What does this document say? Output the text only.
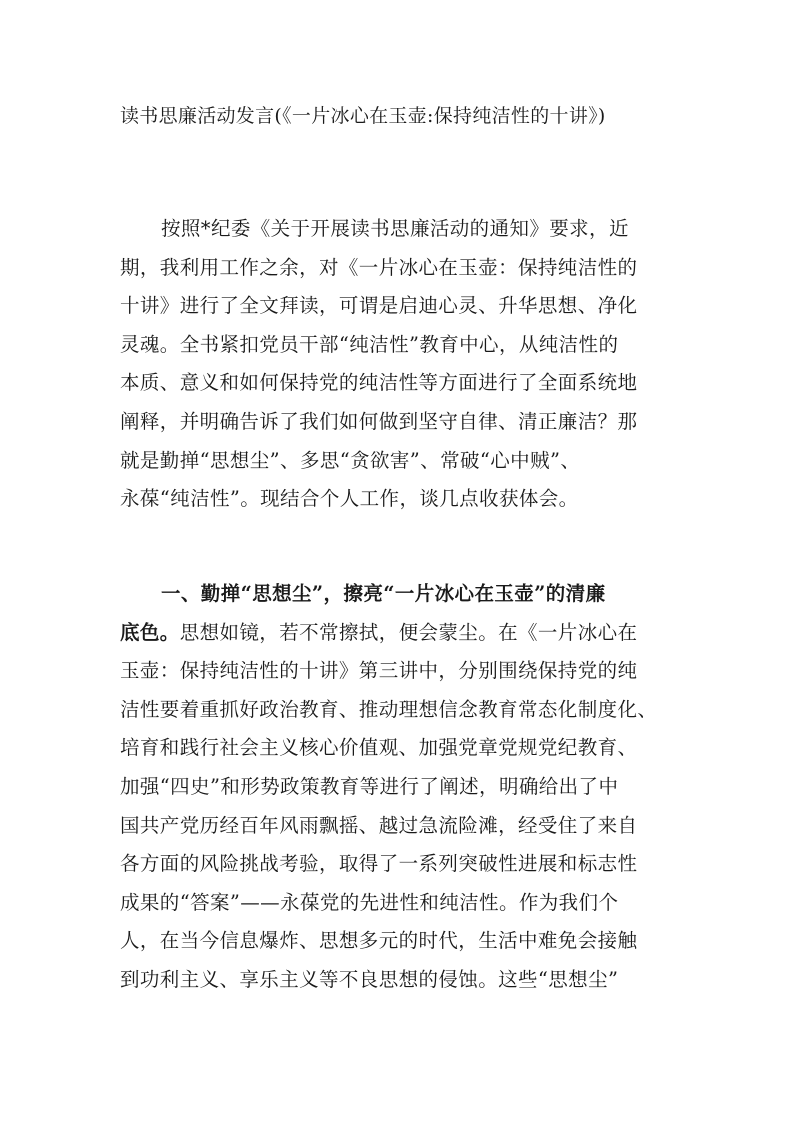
读书思廉活动发言(《一片冰心在玉壶:保持纯洁性的十讲》)
按照*纪委《关于开展读书思廉活动的通知》要求，近
期，我利用工作之余，对《一片冰心在玉壶：保持纯洁性的
十讲》进行了全文拜读，可谓是启迪心灵、升华思想、净化
灵魂。全书紧扣党员干部“纯洁性”教育中心，从纯洁性的
本质、意义和如何保持党的纯洁性等方面进行了全面系统地
阐释，并明确告诉了我们如何做到坚守自律、清正廉洁？那
就是勤掸“思想尘”、多思“贪欲害”、常破“心中贼”、
永葆“纯洁性”。现结合个人工作，谈几点收获体会。
一、勤掸“思想尘”，擦亮“一片冰心在玉壶”的清廉
底色。思想如镜，若不常擦拭，便会蒙尘。在《一片冰心在
玉壶：保持纯洁性的十讲》第三讲中，分别围绕保持党的纯
洁性要着重抓好政治教育、推动理想信念教育常态化制度化、
培育和践行社会主义核心价值观、加强党章党规党纪教育、
加强“四史”和形势政策教育等进行了阐述，明确给出了中
国共产党历经百年风雨飘摇、越过急流险滩，经受住了来自
各方面的风险挑战考验，取得了一系列突破性进展和标志性
成果的“答案”——永葆党的先进性和纯洁性。作为我们个
人，在当今信息爆炸、思想多元的时代，生活中难免会接触
到功利主义、享乐主义等不良思想的侵蚀。这些“思想尘”
